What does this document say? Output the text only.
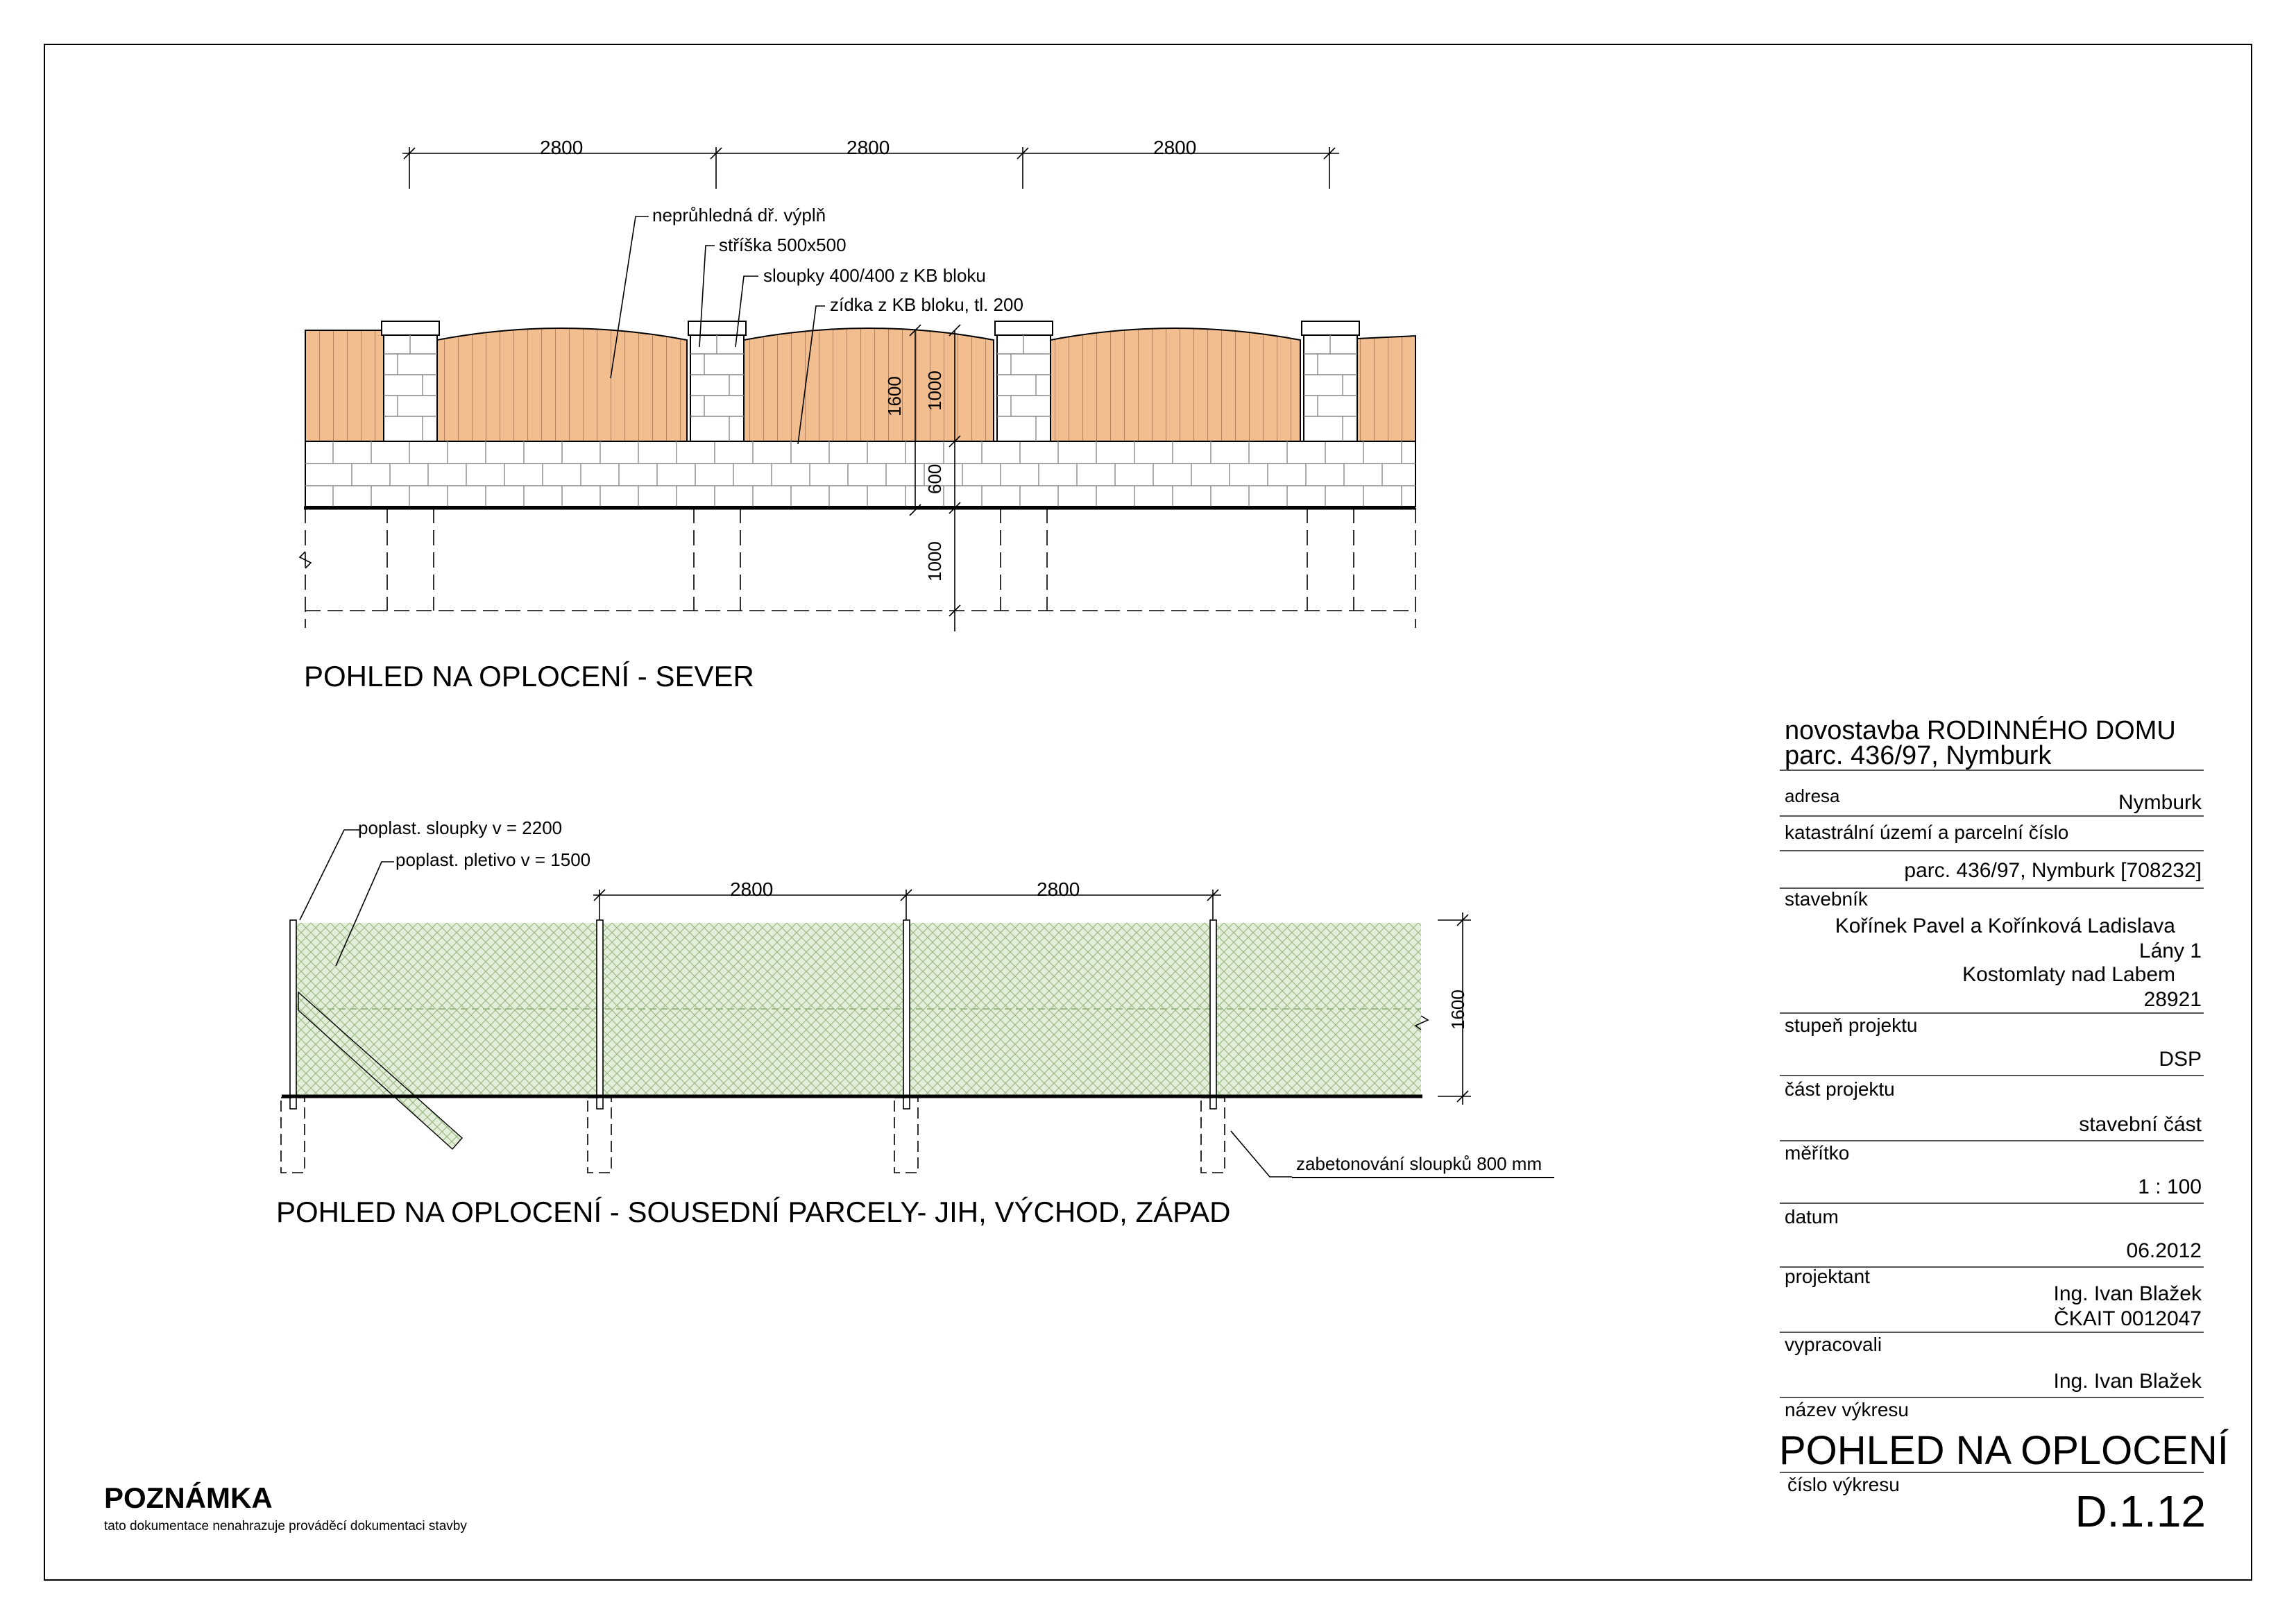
2800	2800	2800
neprůhledná dř. výplň
stříška 500x500
sloupky 400/400 z KB bloku
zídka z KB bloku, tl. 200
1600 1000
600
1000
POHLED NA OPLOCENÍ - SEVER
2800	2800
poplast. sloupky v = 2200
poplast. pletivo v = 1500
1600
zabetonování sloupků 800 mm
POHLED NA OPLOCENÍ - SOUSEDNÍ PARCELY- JIH, VÝCHOD, ZÁPAD
POZNÁMKA
tato dokumentace nenahrazuje prováděcí dokumentaci stavby
novostavba RODINNÉHO DOMU
parc. 436/97, Nymburk
adresa	Nymburk
katastrální území a parcelní číslo
parc. 436/97, Nymburk [708232]
stavebník
Kořínek Pavel a Kořínková Ladislava
Lány 1
Kostomlaty nad Labem
28921
stupeň projektu
DSP
část projektu
stavební část
měřítko
1 : 100
datum
06.2012
projektant
Ing. Ivan Blažek
ČKAIT 0012047
vypracovali
Ing. Ivan Blažek
název výkresu
POHLED NA OPLOCENÍ
číslo výkresu
D.1.12
